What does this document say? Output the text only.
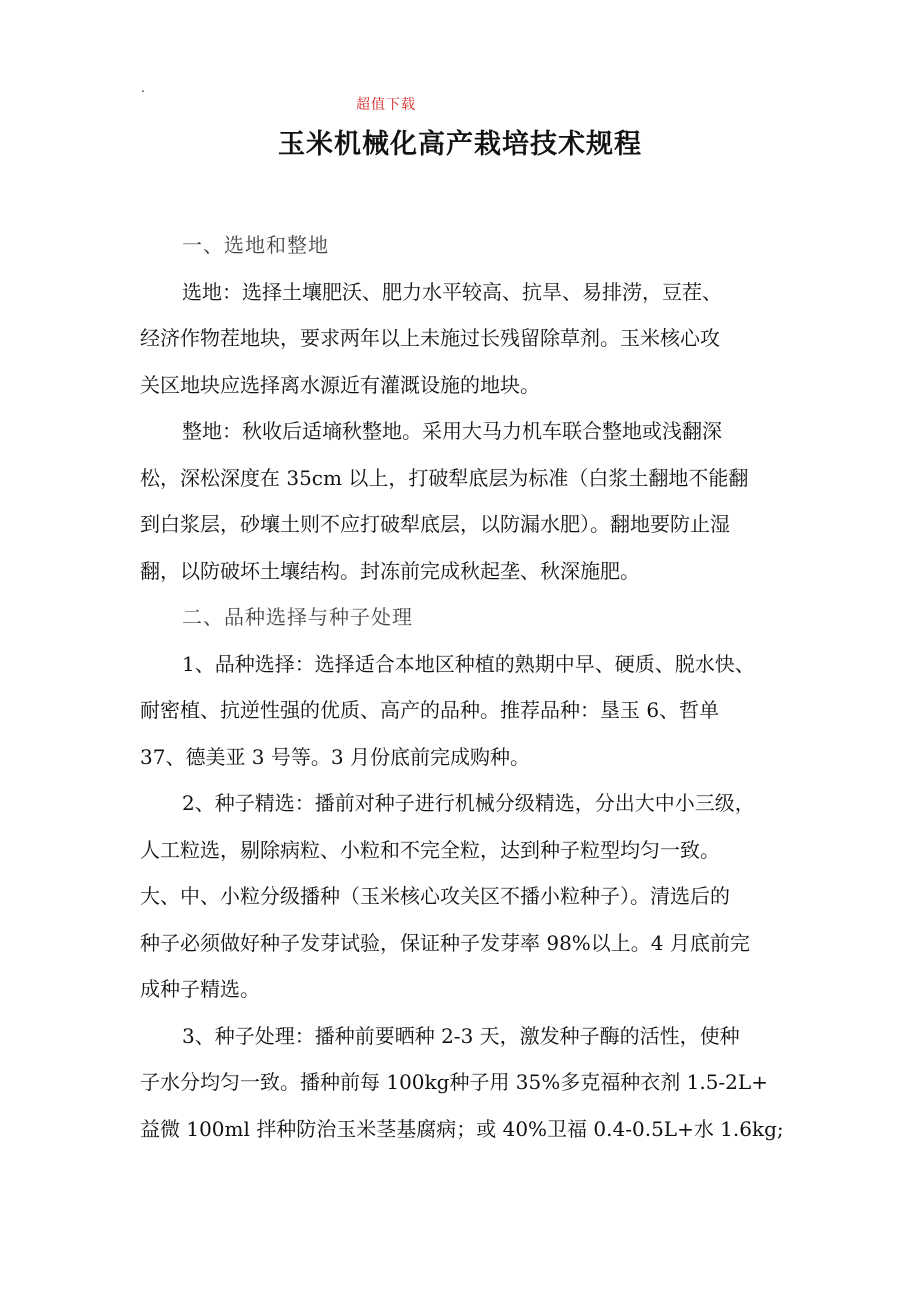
.
超值下载
玉米机械化高产栽培技术规程
一、选地和整地
选地：选择土壤肥沃、肥力水平较高、抗旱、易排涝，豆茬、
经济作物茬地块，要求两年以上未施过长残留除草剂。玉米核心攻
关区地块应选择离水源近有灌溉设施的地块。
整地：秋收后适墒秋整地。采用大马力机车联合整地或浅翻深
松，深松深度在 35cm 以上，打破犁底层为标准（白浆土翻地不能翻
到白浆层，砂壤土则不应打破犁底层，以防漏水肥）。翻地要防止湿
翻，以防破坏土壤结构。封冻前完成秋起垄、秋深施肥。
二、品种选择与种子处理
1、品种选择：选择适合本地区种植的熟期中早、硬质、脱水快、
耐密植、抗逆性强的优质、高产的品种。推荐品种：垦玉 6、哲单
37、德美亚 3 号等。3 月份底前完成购种。
2、种子精选：播前对种子进行机械分级精选，分出大中小三级，
人工粒选，剔除病粒、小粒和不完全粒，达到种子粒型均匀一致。
大、中、小粒分级播种（玉米核心攻关区不播小粒种子）。清选后的
种子必须做好种子发芽试验，保证种子发芽率 98%以上。4 月底前完
成种子精选。
3、种子处理：播种前要晒种 2-3 天，激发种子酶的活性，使种
子水分均匀一致。播种前每 100kg种子用 35%多克福种衣剂 1.5-2L+
益微 100ml 拌种防治玉米茎基腐病；或 40%卫福 0.4-0.5L+水 1.6kg;
